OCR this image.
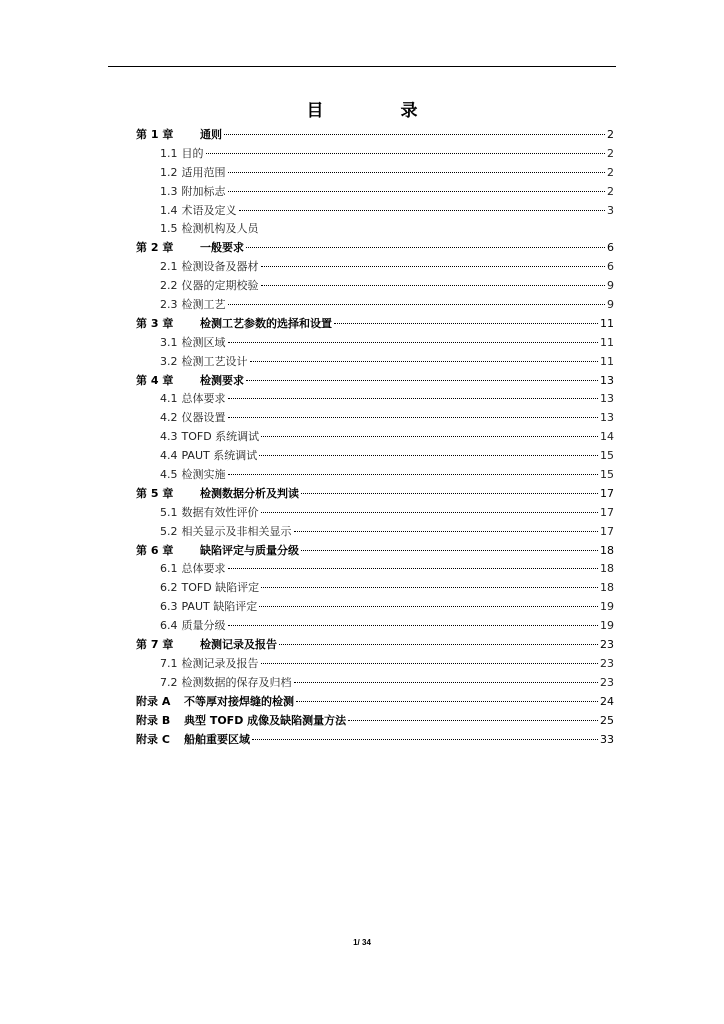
目　录
第 1 章	通则	2
1.1 目的	2
1.2 适用范围	2
1.3 附加标志	2
1.4 术语及定义	3
1.5 检测机构及人员
第 2 章	一般要求	6
2.1 检测设备及器材	6
2.2 仪器的定期校验	9
2.3 检测工艺	9
第 3 章	检测工艺参数的选择和设置	11
3.1 检测区域	11
3.2 检测工艺设计	11
第 4 章	检测要求	13
4.1 总体要求	13
4.2 仪器设置	13
4.3 TOFD 系统调试	14
4.4 PAUT 系统调试	15
4.5 检测实施	15
第 5 章	检测数据分析及判读	17
5.1 数据有效性评价	17
5.2 相关显示及非相关显示	17
第 6 章	缺陷评定与质量分级	18
6.1 总体要求	18
6.2 TOFD 缺陷评定	18
6.3 PAUT 缺陷评定	19
6.4 质量分级	19
第 7 章	检测记录及报告	23
7.1 检测记录及报告	23
7.2 检测数据的保存及归档	23
附录 A	不等厚对接焊缝的检测	24
附录 B	典型 TOFD 成像及缺陷测量方法	25
附录 C	船舶重要区域	33
1/ 34
